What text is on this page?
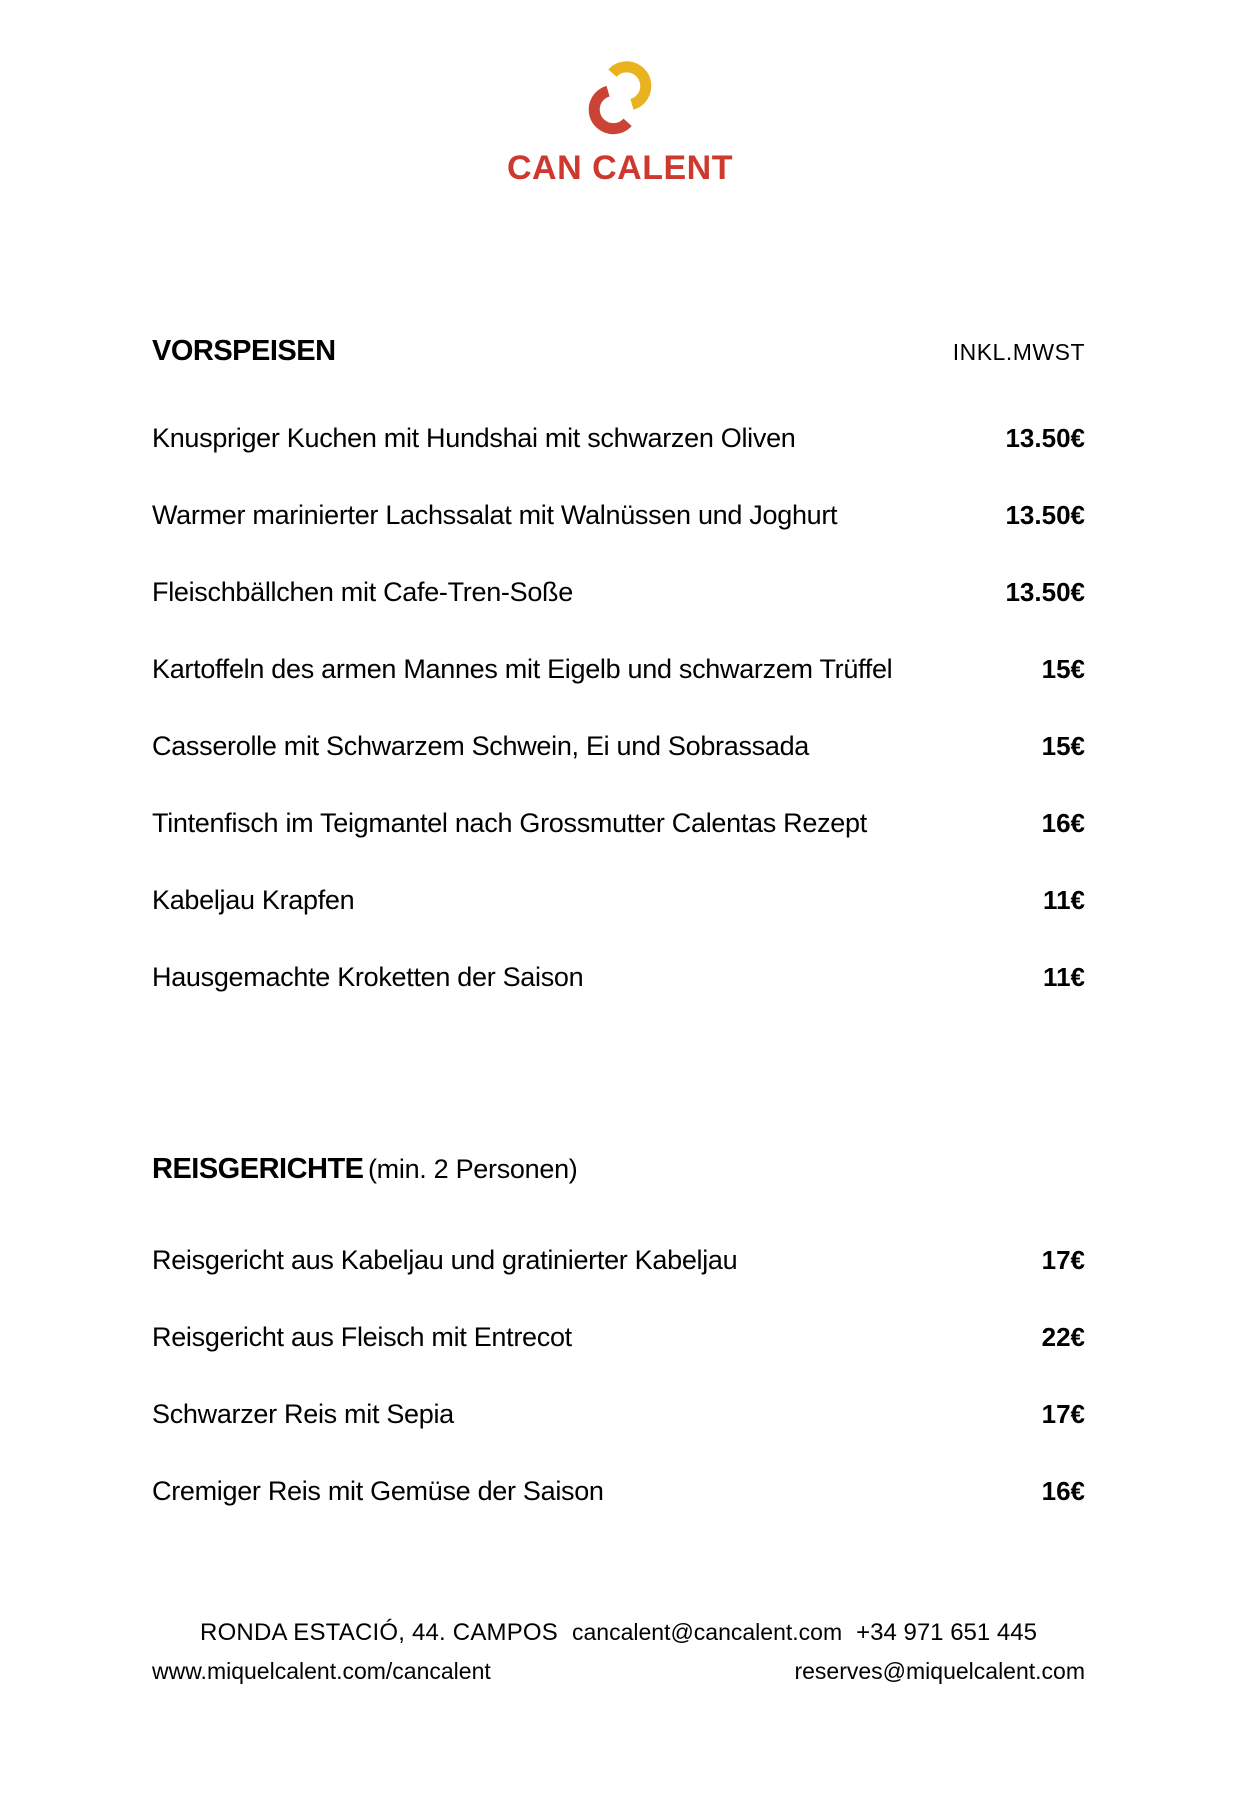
CAN CALENT
VORSPEISEN	INKL.MWST
Knuspriger Kuchen mit Hundshai mit schwarzen Oliven	13.50€
Warmer marinierter Lachssalat mit Walnüssen und Joghurt	13.50€
Fleischbällchen mit Cafe-Tren-Soße	13.50€
Kartoffeln des armen Mannes mit Eigelb und schwarzem Trüffel	15€
Casserolle mit Schwarzem Schwein, Ei und Sobrassada	15€
Tintenfisch im Teigmantel nach Grossmutter Calentas Rezept	16€
Kabeljau Krapfen	11€
Hausgemachte Kroketten der Saison	11€
REISGERICHTE (min. 2 Personen)
Reisgericht aus Kabeljau und gratinierter Kabeljau	17€
Reisgericht aus Fleisch mit Entrecot	22€
Schwarzer Reis mit Sepia	17€
Cremiger Reis mit Gemüse der Saison	16€
RONDA ESTACIÓ, 44. CAMPOS cancalent@cancalent.com +34 971 651 445
www.miquelcalent.com/cancalent	reserves@miquelcalent.com
